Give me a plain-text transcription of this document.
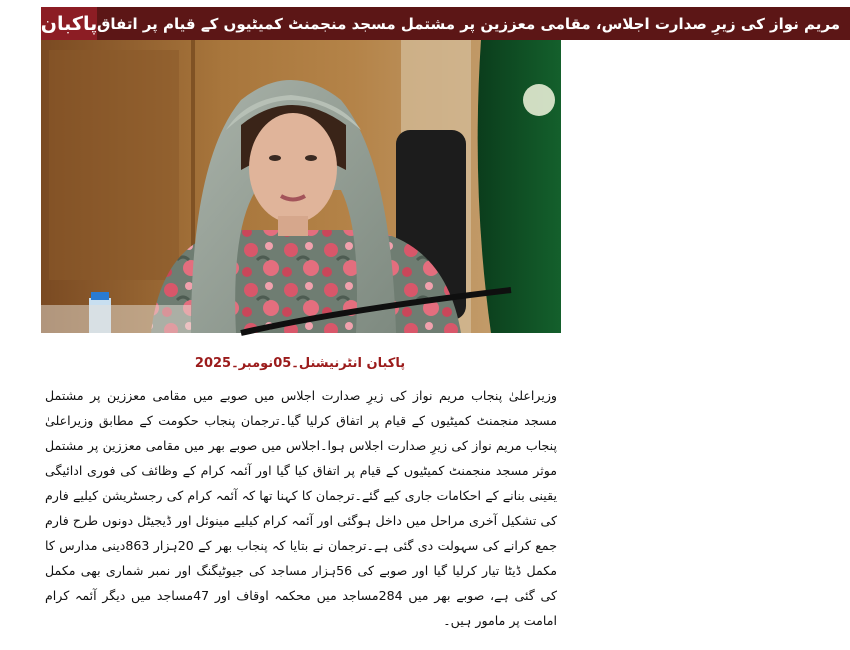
پاکبان مریم نواز کی زیرِ صدارت اجلاس، مقامی معززین پر مشتمل مسجد منجمنٹ کمیٹیوں کے قیام پر اتفاق
پاکبان انٹرنیشنل۔05نومبر۔2025

وزیراعلیٰ پنجاب مریم نواز کی زیرِ صدارت اجلاس میں صوبے میں مقامی معززین پر مشتمل مسجد منجمنٹ کمیٹیوں کے قیام پر اتفاق کرلیا گیا۔ترجمان پنجاب حکومت کے مطابق وزیراعلیٰ پنجاب مریم نواز کی زیرِ صدارت اجلاس ہوا۔اجلاس میں صوبے بھر میں مقامی معززین پر مشتمل موثر مسجد منجمنٹ کمیٹیوں کے قیام پر اتفاق کیا گیا اور آئمہ کرام کے وظائف کی فوری ادائیگی یقینی بنانے کے احکامات جاری کیے گئے۔ترجمان کا کہنا تھا کہ آئمہ کرام کی رجسٹریشن کیلیے فارم کی تشکیل آخری مراحل میں داخل ہوگئی اور آئمہ کرام کیلیے مینوئل اور ڈیجیٹل دونوں طرح فارم جمع کرانے کی سہولت دی گئی ہے۔ترجمان نے بتایا کہ پنجاب بھر کے 20ہزار 863دینی مدارس کا مکمل ڈیٹا تیار کرلیا گیا اور صوبے کی 56ہزار مساجد کی جیوٹیگنگ اور نمبر شماری بھی مکمل کی گئی ہے، صوبے بھر میں 284مساجد میں محکمہ اوقاف اور 47مساجد میں دیگر آئمہ کرام امامت پر مامور ہیں۔
